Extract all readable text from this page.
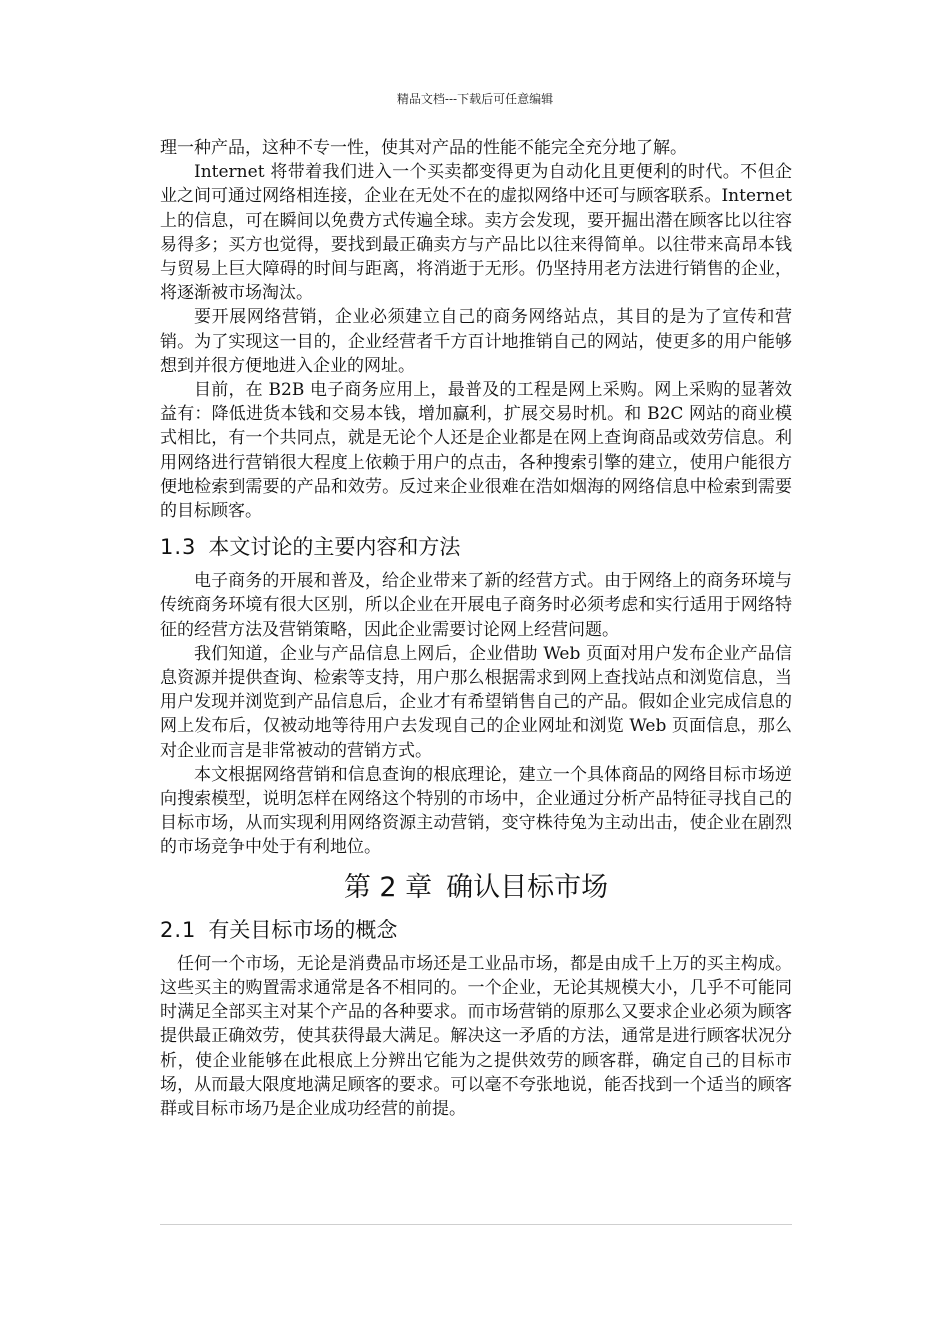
精品文档---下载后可任意编辑

理一种产品，这种不专一性，使其对产品的性能不能完全充分地了解。

Internet 将带着我们进入一个买卖都变得更为自动化且更便利的时代。不但企业之间可通过网络相连接，企业在无处不在的虚拟网络中还可与顾客联系。Internet 上的信息，可在瞬间以免费方式传遍全球。卖方会发现，要开掘出潜在顾客比以往容易得多；买方也觉得，要找到最正确卖方与产品比以往来得简单。以往带来高昂本钱与贸易上巨大障碍的时间与距离，将消逝于无形。仍坚持用老方法进行销售的企业，将逐渐被市场淘汰。

要开展网络营销，企业必须建立自己的商务网络站点，其目的是为了宣传和营销。为了实现这一目的，企业经营者千方百计地推销自己的网站，使更多的用户能够想到并很方便地进入企业的网址。

目前，在 B2B 电子商务应用上，最普及的工程是网上采购。网上采购的显著效益有：降低进货本钱和交易本钱，增加赢利，扩展交易时机。和 B2C 网站的商业模式相比，有一个共同点，就是无论个人还是企业都是在网上查询商品或效劳信息。利用网络进行营销很大程度上依赖于用户的点击，各种搜索引擎的建立，使用户能很方便地检索到需要的产品和效劳。反过来企业很难在浩如烟海的网络信息中检索到需要的目标顾客。

1.3 本文讨论的主要内容和方法

电子商务的开展和普及，给企业带来了新的经营方式。由于网络上的商务环境与传统商务环境有很大区别，所以企业在开展电子商务时必须考虑和实行适用于网络特征的经营方法及营销策略，因此企业需要讨论网上经营问题。

我们知道，企业与产品信息上网后，企业借助 Web 页面对用户发布企业产品信息资源并提供查询、检索等支持，用户那么根据需求到网上查找站点和浏览信息，当用户发现并浏览到产品信息后，企业才有希望销售自己的产品。假如企业完成信息的网上发布后，仅被动地等待用户去发现自己的企业网址和浏览 Web 页面信息，那么对企业而言是非常被动的营销方式。

本文根据网络营销和信息查询的根底理论，建立一个具体商品的网络目标市场逆向搜索模型，说明怎样在网络这个特别的市场中，企业通过分析产品特征寻找自己的目标市场，从而实现利用网络资源主动营销，变守株待兔为主动出击，使企业在剧烈的市场竞争中处于有利地位。

第 2 章 确认目标市场
2.1 有关目标市场的概念

任何一个市场，无论是消费品市场还是工业品市场，都是由成千上万的买主构成。这些买主的购置需求通常是各不相同的。一个企业，无论其规模大小，几乎不可能同时满足全部买主对某个产品的各种要求。而市场营销的原那么又要求企业必须为顾客提供最正确效劳，使其获得最大满足。解决这一矛盾的方法，通常是进行顾客状况分析，使企业能够在此根底上分辨出它能为之提供效劳的顾客群，确定自己的目标市场，从而最大限度地满足顾客的要求。可以毫不夸张地说，能否找到一个适当的顾客群或目标市场乃是企业成功经营的前提。
